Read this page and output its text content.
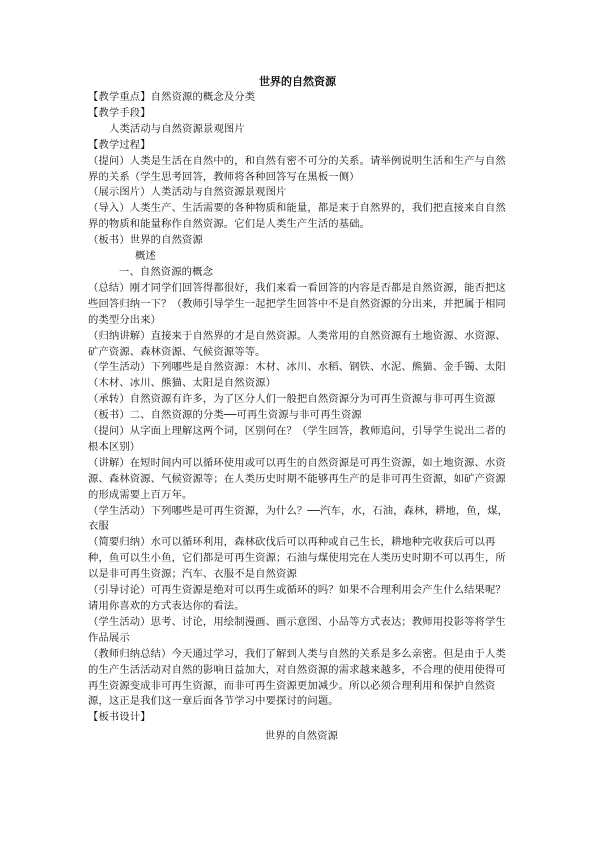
世界的自然资源

【教学重点】自然资源的概念及分类

【教学手段】

人类活动与自然资源景观图片

【教学过程】

（提问）人类是生活在自然中的，和自然有密不可分的关系。请举例说明生活和生产与自然界的关系（学生思考回答，教师将各种回答写在黑板一侧）

（展示图片）人类活动与自然资源景观图片

（导入）人类生产、生活需要的各种物质和能量，都是来于自然界的，我们把直接来自自然界的物质和能量称作自然资源。它们是人类生产生活的基础。

（板书）世界的自然资源

概述

一、自然资源的概念

（总结）刚才同学们回答得都很好，我们来看一看回答的内容是否都是自然资源，能否把这些回答归纳一下？（教师引导学生一起把学生回答中不是自然资源的分出来，并把属于相同的类型分出来）

（归纳讲解）直接来于自然界的才是自然资源。人类常用的自然资源有土地资源、水资源、　　矿产资源、森林资源、气候资源等等。

（学生活动）下列哪些是自然资源：木材、冰川、水稻、钢铁、水泥、熊猫、金手镯、太阳（木材、冰川、熊猫、太阳是自然资源）

（承转）自然资源有许多，为了区分人们一般把自然资源分为可再生资源与非可再生资源

（板书）二、自然资源的分类──可再生资源与非可再生资源

（提问）从字面上理解这两个词，区别何在？（学生回答，教师追问，引导学生说出二者的根本区别）

（讲解）在短时间内可以循环使用或可以再生的自然资源是可再生资源，如土地资源、水资源、森林资源、气候资源等；在人类历史时期不能够再生产的是非可再生资源，如矿产资源的形成需要上百万年。

（学生活动）下列哪些是可再生资源，为什么？──汽车，水，石油，森林，耕地，鱼，煤，衣服

（简要归纳）水可以循环利用，森林砍伐后可以再种或自己生长，耕地种完收获后可以再种，鱼可以生小鱼，它们都是可再生资源；石油与煤使用完在人类历史时期不可以再生，所以是非可再生资源；汽车、衣服不是自然资源

（引导讨论）可再生资源是绝对可以再生或循环的吗？如果不合理利用会产生什么结果呢？请用你喜欢的方式表达你的看法。

（学生活动）思考、讨论，用绘制漫画、画示意图、小品等方式表达；教师用投影等将学生作品展示

（教师归纳总结）今天通过学习，我们了解到人类与自然的关系是多么亲密。但是由于人类的生产生活活动对自然的影响日益加大，对自然资源的需求越来越多，不合理的使用使得可再生资源变成非可再生资源，而非可再生资源更加减少。所以必须合理利用和保护自然资源，这正是我们这一章后面各节学习中要探讨的问题。

【板书设计】

世界的自然资源
